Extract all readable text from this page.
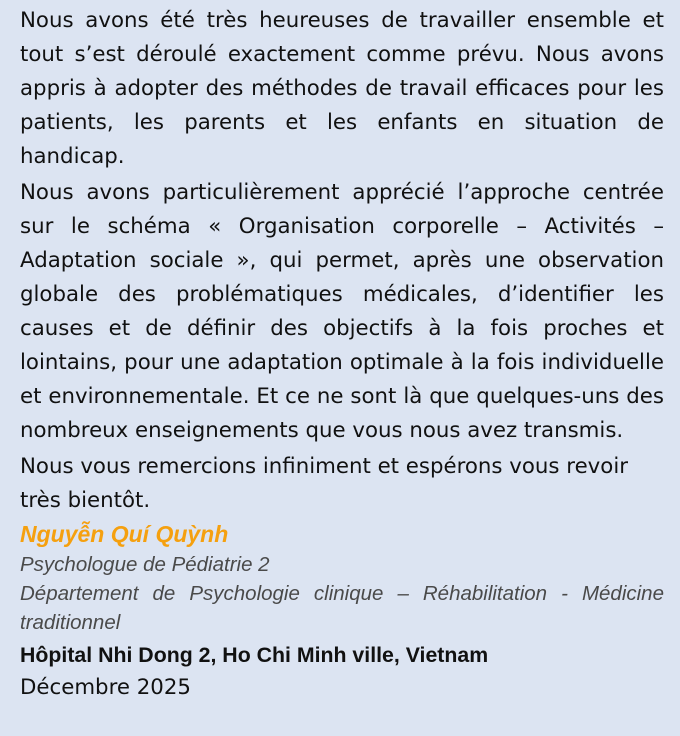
Nous avons été très heureuses de travailler ensemble et tout s’est déroulé exactement comme prévu. Nous avons appris à adopter des méthodes de travail efficaces pour les patients, les parents et les enfants en situation de handicap.

Nous avons particulièrement apprécié l’approche centrée sur le schéma « Organisation corporelle – Activités – Adaptation sociale », qui permet, après une observation globale des problématiques médicales, d’identifier les causes et de définir des objectifs à la fois proches et lointains, pour une adaptation optimale à la fois individuelle et environnementale. Et ce ne sont là que quelques-uns des nombreux enseignements que vous nous avez transmis.

Nous vous remercions infiniment et espérons vous revoir très bientôt.

Nguyễn Quí Quỳnh
Psychologue de Pédiatrie 2
Département de Psychologie clinique – Réhabilitation - Médicine traditionnel
Hôpital Nhi Dong 2, Ho Chi Minh ville, Vietnam
Décembre 2025
